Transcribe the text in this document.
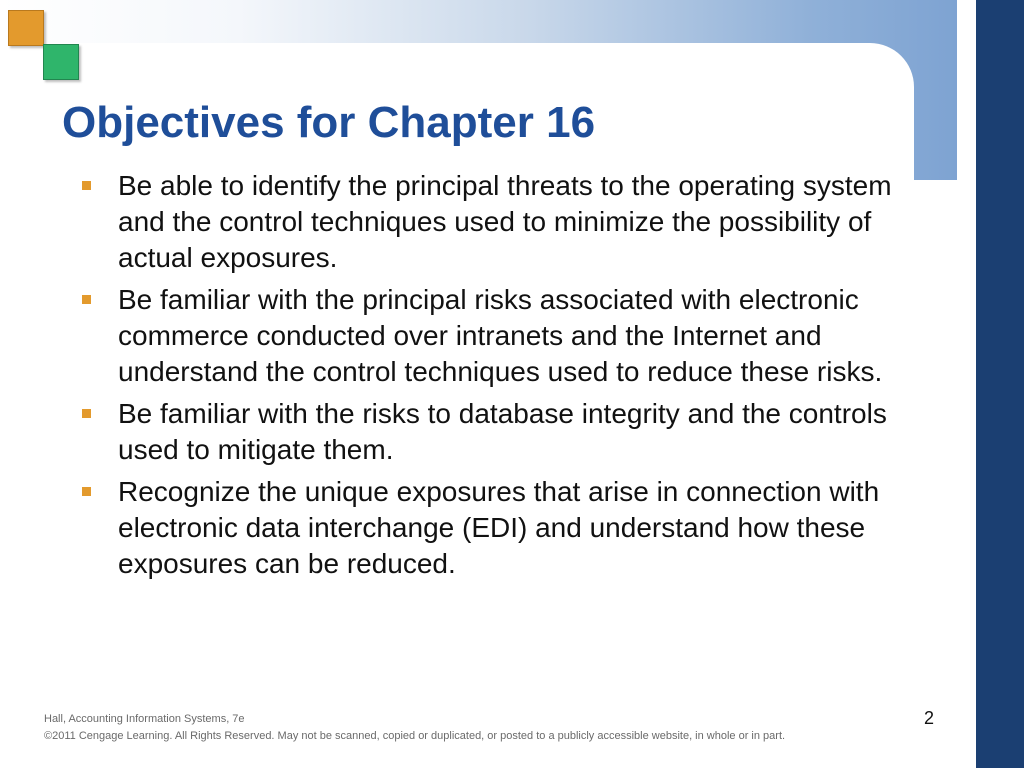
Objectives for Chapter 16
Be able to identify the principal threats to the operating system and the control techniques used to minimize the possibility of actual exposures.
Be familiar with the principal risks associated with electronic commerce conducted over intranets and the Internet and understand the control techniques used to reduce these risks.
Be familiar with the risks to database integrity and the controls used to mitigate them.
Recognize the unique exposures that arise in connection with electronic data interchange (EDI) and understand how these exposures can be reduced.
Hall, Accounting Information Systems, 7e
©2011 Cengage Learning. All Rights Reserved. May not be scanned, copied or duplicated, or posted to a publicly accessible website, in whole or in part.
2
